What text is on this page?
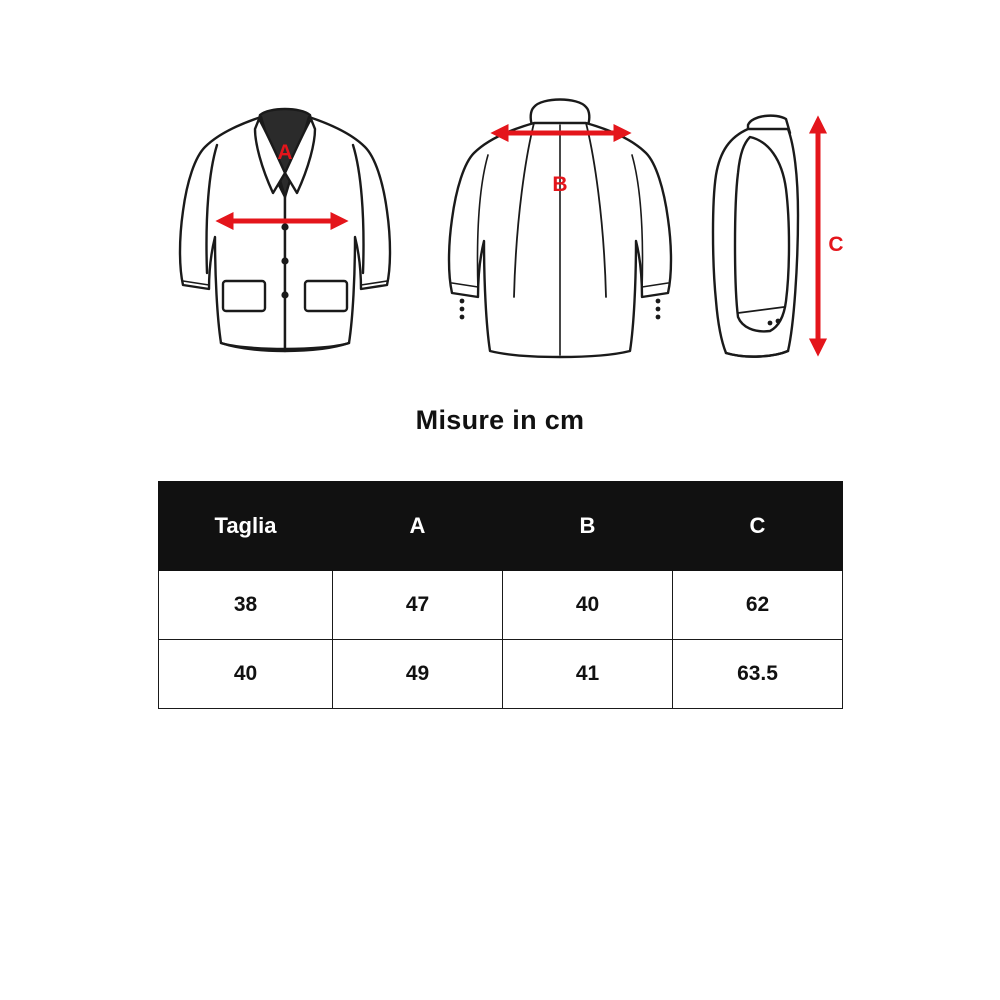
A
B
C
Misure in cm
Taglia	A	B	C
38	47	40	62
40	49	41	63.5
